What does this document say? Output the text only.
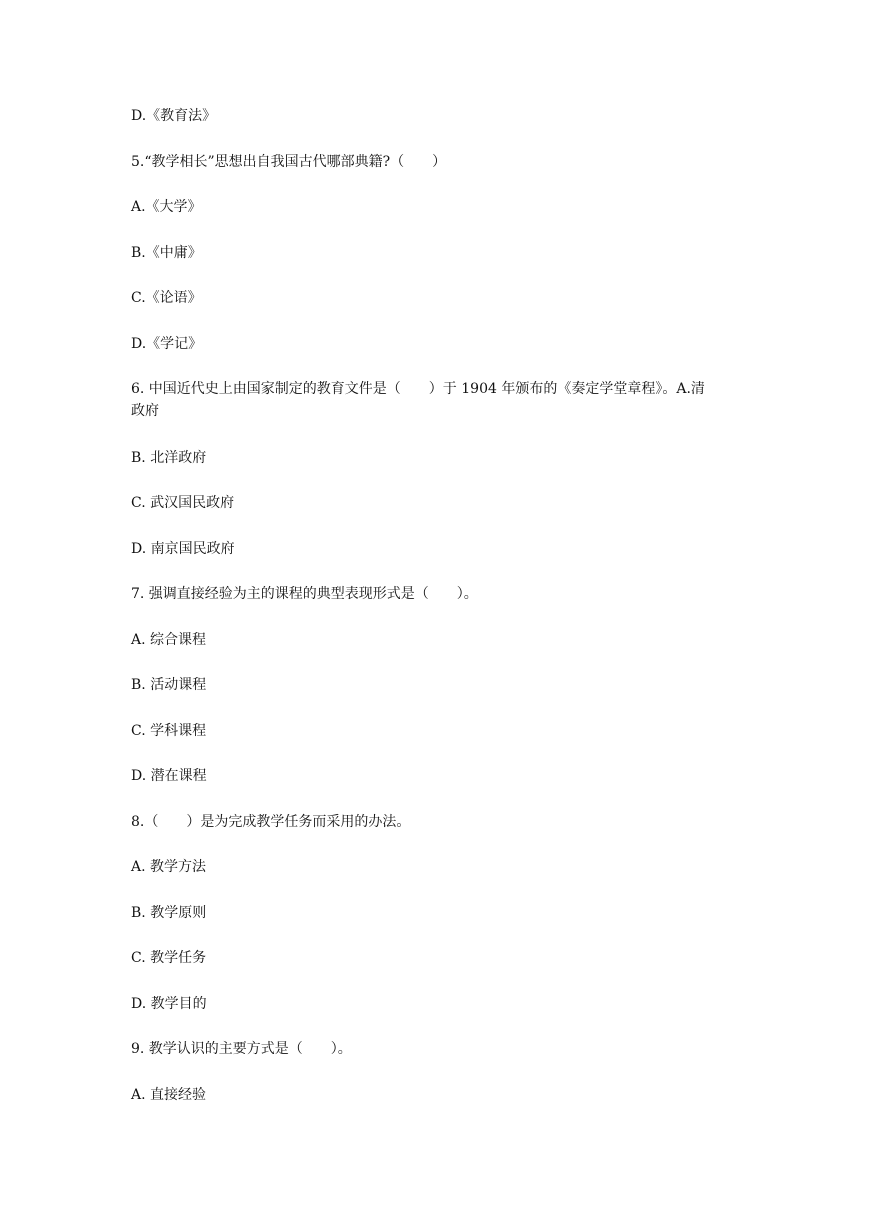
D.《教育法》
5.“教学相长”思想出自我国古代哪部典籍?（　　）
A.《大学》
B.《中庸》
C.《论语》
D.《学记》
6. 中国近代史上由国家制定的教育文件是（　　）于 1904 年颁布的《奏定学堂章程》。A.清
政府
B. 北洋政府
C. 武汉国民政府
D. 南京国民政府
7. 强调直接经验为主的课程的典型表现形式是（　　）。
A. 综合课程
B. 活动课程
C. 学科课程
D. 潜在课程
8.（　　）是为完成教学任务而采用的办法。
A. 教学方法
B. 教学原则
C. 教学任务
D. 教学目的
9. 教学认识的主要方式是（　　）。
A. 直接经验
